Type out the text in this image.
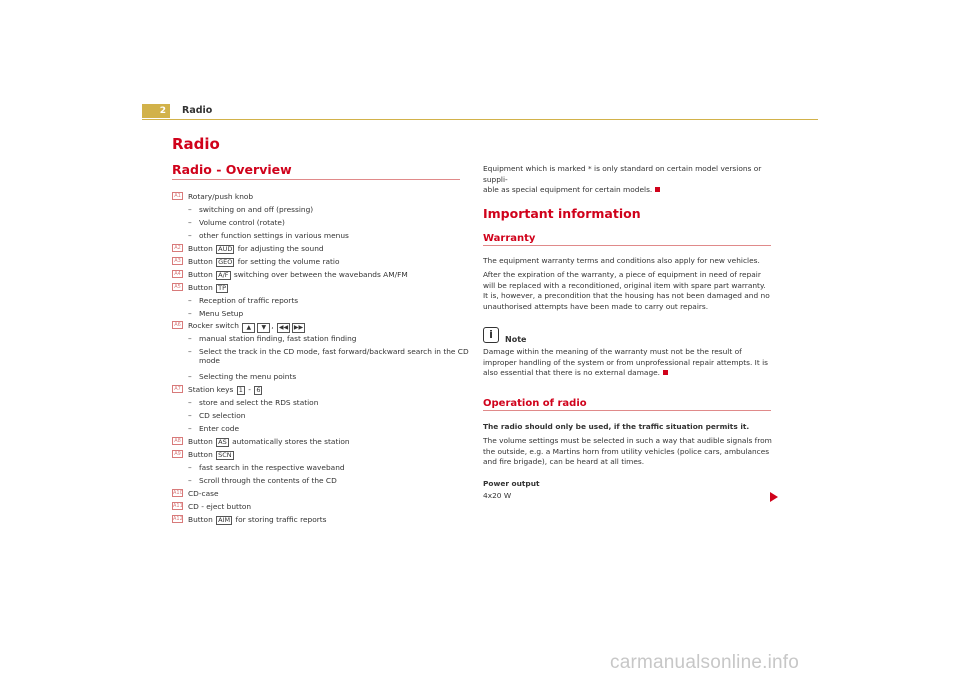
2	Radio
Radio
Radio - Overview
A1 Rotary/push knob
– switching on and off (pressing)
– Volume control (rotate)
– other function settings in various menus
A2 Button AUD for adjusting the sound
A3 Button GEO for setting the volume ratio
A4 Button A/F switching over between the wavebands AM/FM
A5 Button TP
– Reception of traffic reports
– Menu Setup
A6 Rocker switch ▲ ▼ , ◀◀ ▶▶
– manual station finding, fast station finding
– Select the track in the CD mode, fast forward/backward search in the CD
mode
– Selecting the menu points
A7 Station keys 1 - 6
– store and select the RDS station
– CD selection
– Enter code
A8 Button AS automatically stores the station
A9 Button SCN
– fast search in the respective waveband
– Scroll through the contents of the CD
A10 CD-case
A11 CD - eject button
A12 Button AIM for storing traffic reports
Equipment which is marked * is only standard on certain model versions or suppli-
able as special equipment for certain models.
Important information
Warranty
The equipment warranty terms and conditions also apply for new vehicles.
After the expiration of the warranty, a piece of equipment in need of repair will be replaced with a reconditioned, original item with spare part warranty. It is, however, a precondition that the housing has not been damaged and no unauthorised attempts have been made to carry out repairs.
i	Note
Damage within the meaning of the warranty must not be the result of improper handling of the system or from unprofessional repair attempts. It is also essential that there is no external damage.
Operation of radio
The radio should only be used, if the traffic situation permits it.
The volume settings must be selected in such a way that audible signals from the outside, e.g. a Martins horn from utility vehicles (police cars, ambulances and fire brigade), can be heard at all times.
Power output
4x20 W
carmanualsonline.info
